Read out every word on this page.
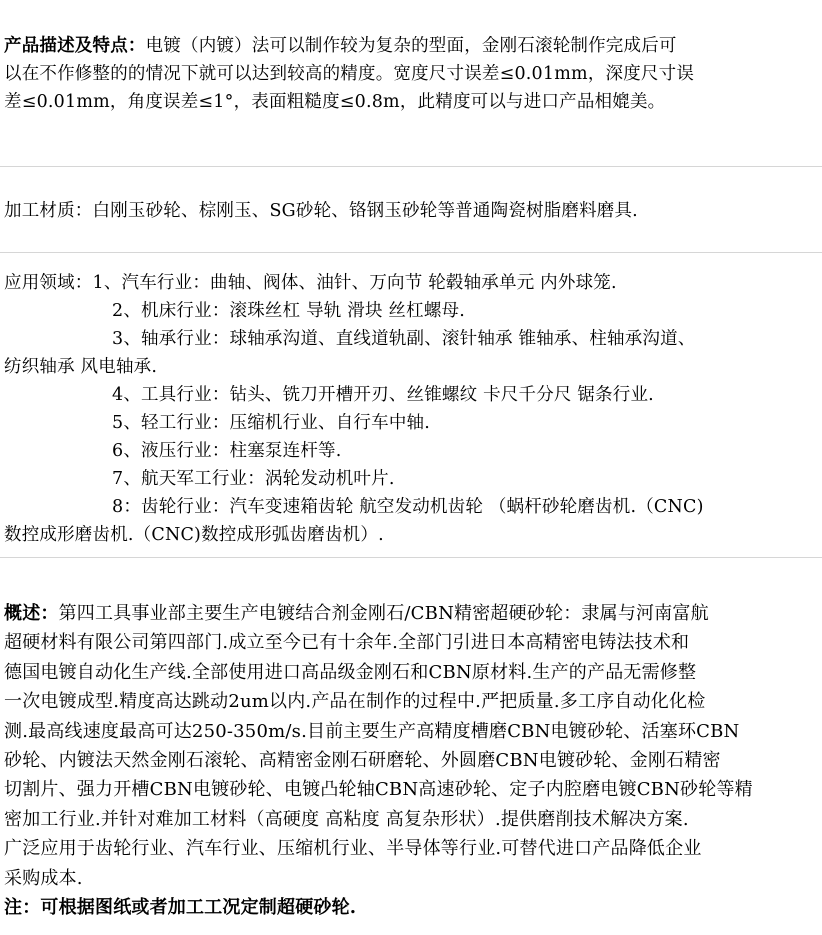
产品描述及特点：电镀（内镀）法可以制作较为复杂的型面，金刚石滚轮制作完成后可
以在不作修整的的情况下就可以达到较高的精度。宽度尺寸误差≤0.01mm，深度尺寸误
差≤0.01mm，角度误差≤1°，表面粗糙度≤0.8m，此精度可以与进口产品相媲美。
加工材质：白刚玉砂轮、棕刚玉、SG砂轮、铬钢玉砂轮等普通陶瓷树脂磨料磨具.
应用领域：1、汽车行业：曲轴、阀体、油针、万向节 轮毂轴承单元 内外球笼.
2、机床行业：滚珠丝杠 导轨 滑块 丝杠螺母.
3、轴承行业：球轴承沟道、直线道轨副、滚针轴承 锥轴承、柱轴承沟道、
纺织轴承 风电轴承.
4、工具行业：钻头、铣刀开槽开刃、丝锥螺纹 卡尺千分尺 锯条行业.
5、轻工行业：压缩机行业、自行车中轴.
6、液压行业：柱塞泵连杆等.
7、航天军工行业：涡轮发动机叶片.
8：齿轮行业：汽车变速箱齿轮 航空发动机齿轮 （蜗杆砂轮磨齿机.（CNC)
数控成形磨齿机.（CNC)数控成形弧齿磨齿机）.
概述：第四工具事业部主要生产电镀结合剂金刚石/CBN精密超硬砂轮：隶属与河南富航
超硬材料有限公司第四部门.成立至今已有十余年.全部门引进日本高精密电铸法技术和
德国电镀自动化生产线.全部使用进口高品级金刚石和CBN原材料.生产的产品无需修整
一次电镀成型.精度高达跳动2um以内.产品在制作的过程中.严把质量.多工序自动化化检
测.最高线速度最高可达250-350m/s.目前主要生产高精度槽磨CBN电镀砂轮、活塞环CBN
砂轮、内镀法天然金刚石滚轮、高精密金刚石研磨轮、外圆磨CBN电镀砂轮、金刚石精密
切割片、强力开槽CBN电镀砂轮、电镀凸轮轴CBN高速砂轮、定子内腔磨电镀CBN砂轮等精
密加工行业.并针对难加工材料（高硬度 高粘度 高复杂形状）.提供磨削技术解决方案.
广泛应用于齿轮行业、汽车行业、压缩机行业、半导体等行业.可替代进口产品降低企业
采购成本.
注：可根据图纸或者加工工况定制超硬砂轮.
